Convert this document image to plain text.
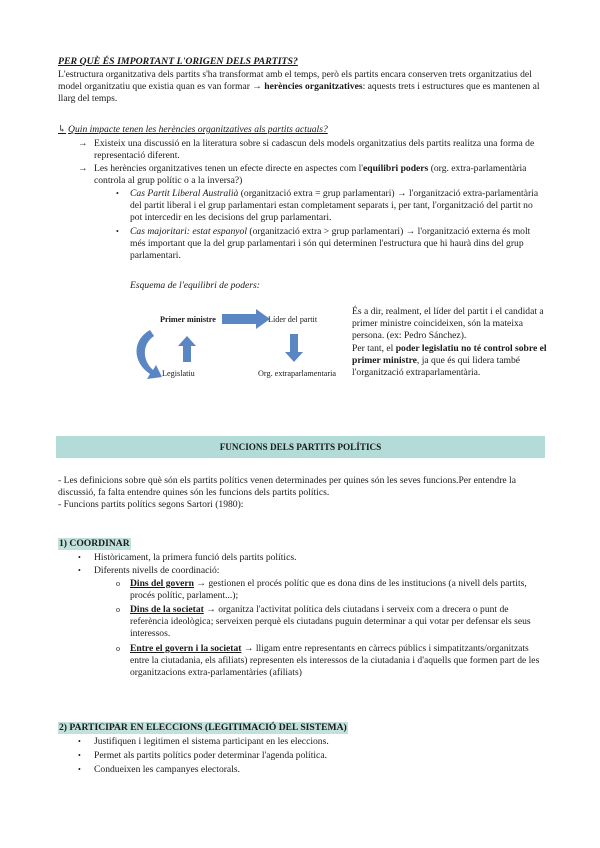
PER QUÈ ÉS IMPORTANT L'ORIGEN DELS PARTITS?
L'estructura organitzativa dels partits s'ha transformat amb el temps, però els partits encara conserven trets organitzatius del model organitzatiu que existia quan es van formar → herències organitzatives: aquests trets i estructures que es mantenen al llarg del temps.
↳ Quin impacte tenen les herències organitzatives als partits actuals?
→ Existeix una discussió en la literatura sobre si cadascun dels models organitzatius dels partits realitza una forma de representació diferent.
→ Les herències organitzatives tenen un efecte directe en aspectes com l'equilibri poders (org. extra-parlamentària controla al grup polític o a la inversa?)
• Cas Partit Liberal Australià (organització extra = grup parlamentari) → l'organització extra-parlamentària del partit liberal i el grup parlamentari estan completament separats i, per tant, l'organització del partit no pot intercedir en les decisions del grup parlamentari.
• Cas majoritari: estat espanyol (organització extra > grup parlamentari) → l'organització externa és molt més important que la del grup parlamentari i són qui determinen l'estructura que hi haurà dins del grup parlamentari.
Esquema de l'equilibri de poders:
Primer ministre	Líder del partit
Org. extraparlamentaria
Legislatiu
És a dir, realment, el líder del partit i el candidat a primer ministre coincideixen, són la mateixa persona. (ex: Pedro Sánchez).
Per tant, el poder legislatiu no té control sobre el primer ministre, ja que és qui lidera també l'organització extraparlamentària.
FUNCIONS DELS PARTITS POLÍTICS
- Les definicions sobre què són els partits polítics venen determinades per quines són les seves funcions.Per entendre la discussió, fa falta entendre quines són les funcions dels partits polítics.
- Funcions partits polítics segons Sartori (1980):
1) COORDINAR
• Històricament, la primera funció dels partits polítics.
• Diferents nivells de coordinació:
o Dins del govern → gestionen el procés polític que es dona dins de les institucions (a nivell dels partits, procés polític, parlament...);
o Dins de la societat → organitza l'activitat política dels ciutadans i serveix com a drecera o punt de referència ideològica; serveixen perquè els ciutadans puguin determinar a qui votar per defensar els seus interessos.
o Entre el govern i la societat → lligam entre representants en càrrecs públics i simpatitzants/organitzats entre la ciutadania, els afiliats) representen els interessos de la ciutadania i d'aquells que formen part de les organitzacions extra-parlamentàries (afiliats)
2) PARTICIPAR EN ELECCIONS (LEGITIMACIÓ DEL SISTEMA)
• Justifiquen i legitimen el sistema participant en les eleccions.
• Permet als partits polítics poder determinar l'agenda política.
• Condueixen les campanyes electorals.
